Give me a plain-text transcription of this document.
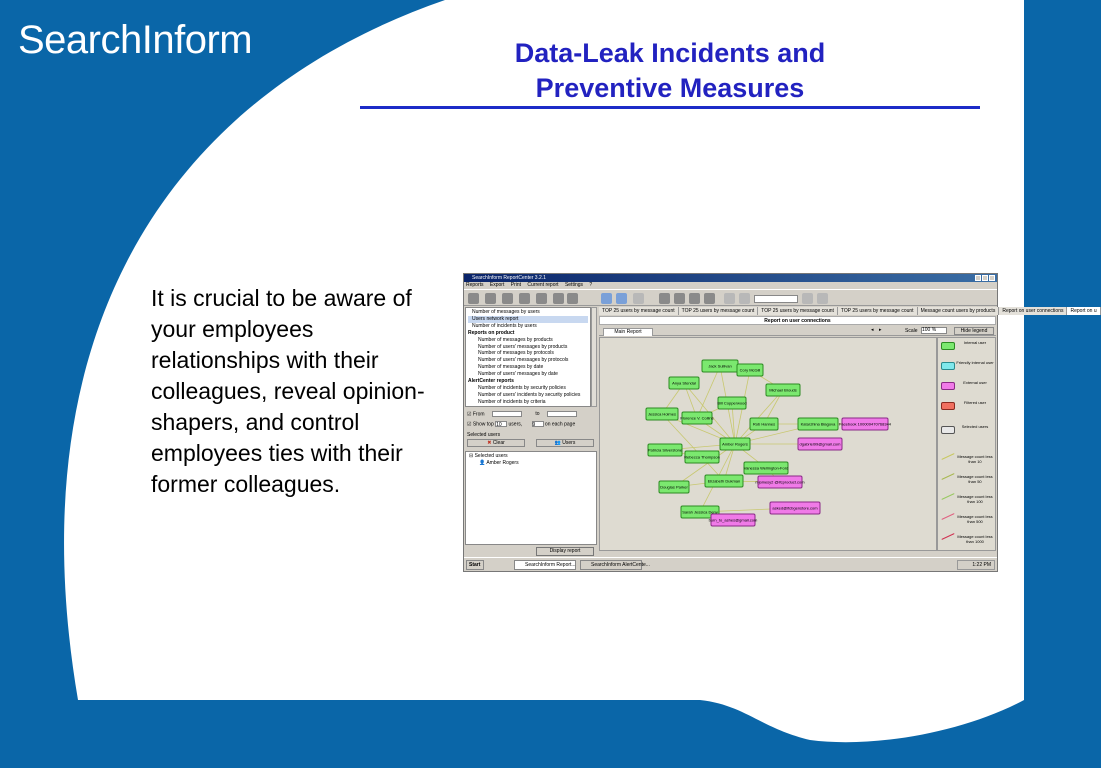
SearchInform	Data-Leak Incidents and
Preventive Measures
It is crucial to be aware of your employees relationships with their colleagues, reveal opinion-shapers, and control employees ties with their former colleagues.
SearchInform ReportCenter 3.2.1
Reports Export Print Current report Settings ?
Number of messages by users
Users network report
Number of incidents by users
Reports on product
Number of messages by products
Number of users' messages by products
Number of messages by protocols
Number of users' messages by protocols
Number of messages by date
Number of users' messages by date
AlertCenter reports
Number of incidents by security policies
Number of users' incidents by security policies
Number of incidents by criteria
☑ From	to
☑ Show top 10 users, 9 on each page
Selected users
✖ Clear	👥 Users
⊟ Selected users
👤 Amber Rogers
Display report
TOP 25 users by message count TOP 25 users by message count TOP 25 users by message count TOP 25 users by message count Message count users by products Report on user connections Report on u
Report on user connections
Main Report	◂ ▸	Scale 100 %	Hide legend
Jack Sullivan
Cory McGill
Anya Stendal
Michael Brouds
Bill Copperwood
Jessica Holmes
Florence V. Collins
Rob Hannes	Katarzhina Blagova Facebook 100009470768344
Amber Rogers
Patricia Silverstone
Rebecca Thompson
dgabriel99@gmail.com
Vanessa Wellington-Ford
Elizabeth Dukman	mjoinesy2 @ifcproduct.com
Douglas Parker
Sarah Jessica Deny
asked@ifcbgenstore.com
burn_to_ashes@gmail.com
Internal user
Friendly internal user
External user
Filtered user
Selected users
Message count less than 10
Message count less than 50
Message count less than 100
Message count less than 500
Message count less than 1000
Start	SearchInform Report...	SearchInform AlertCente...	1:22 PM
